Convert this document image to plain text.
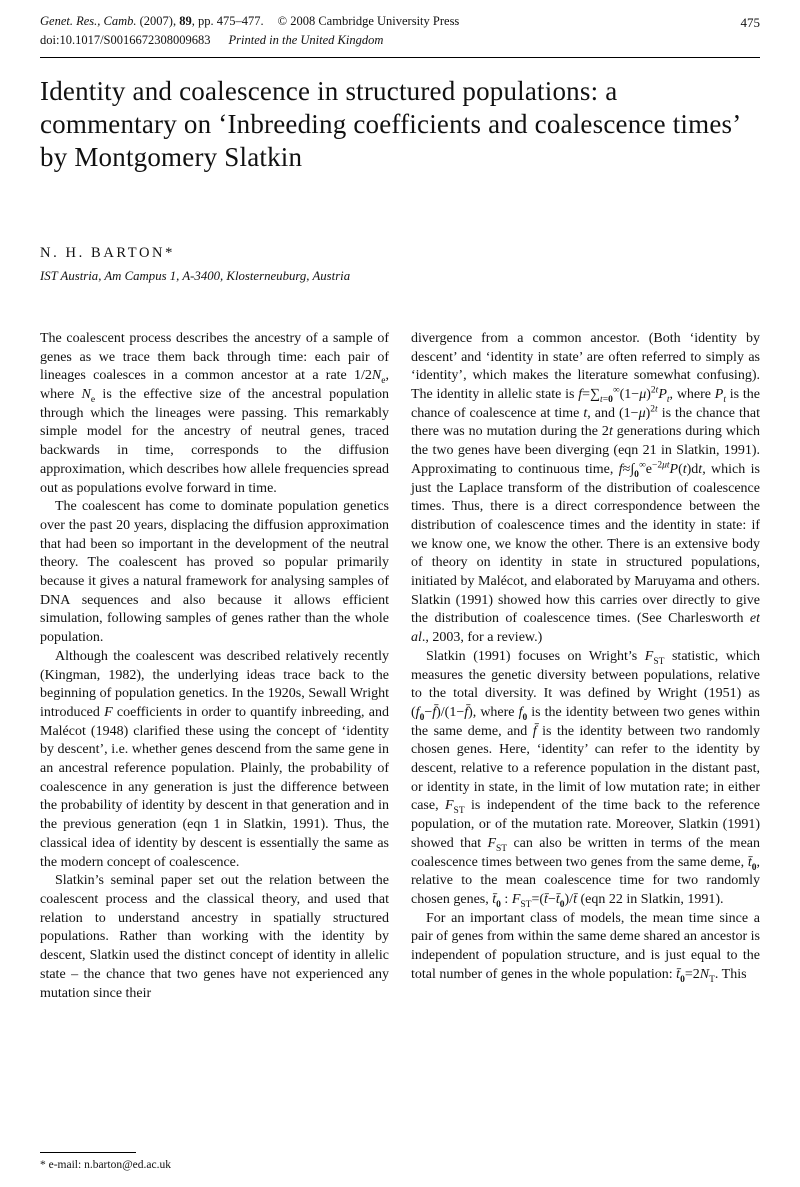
Genet. Res., Camb. (2007), 89, pp. 475–477. © 2008 Cambridge University Press
doi:10.1017/S0016672308009683 Printed in the United Kingdom
475
Identity and coalescence in structured populations: a commentary on ‘Inbreeding coefficients and coalescence times’ by Montgomery Slatkin
N. H. BARTON*
IST Austria, Am Campus 1, A-3400, Klosterneuburg, Austria

The coalescent process describes the ancestry of a sample of genes as we trace them back through time: each pair of lineages coalesces in a common ancestor at a rate $1/2N_e$, where $N_e$ is the effective size of the ancestral population through which the lineages were passing. This remarkably simple model for the ancestry of neutral genes, traced backwards in time, corresponds to the diffusion approximation, which describes how allele frequencies spread out as populations evolve forward in time.

The coalescent has come to dominate population genetics over the past 20 years, displacing the diffusion approximation that had been so important in the development of the neutral theory. The coalescent has proved so popular primarily because it gives a natural framework for analysing samples of DNA sequences and also because it allows efficient simulation, following samples of genes rather than the whole population.

Although the coalescent was described relatively recently (Kingman, 1982), the underlying ideas trace back to the beginning of population genetics. In the 1920s, Sewall Wright introduced F coefficients in order to quantify inbreeding, and Malécot (1948) clarified these using the concept of ‘identity by descent’, i.e. whether genes descend from the same gene in an ancestral reference population. Plainly, the probability of coalescence in any generation is just the difference between the probability of identity by descent in that generation and in the previous generation (eqn 1 in Slatkin, 1991). Thus, the classical idea of identity by descent is essentially the same as the modern concept of coalescence.

Slatkin’s seminal paper set out the relation between the coalescent process and the classical theory, and used that relation to understand ancestry in spatially structured populations. Rather than working with the identity by descent, Slatkin used the distinct concept of identity in allelic state – the chance that two genes have not experienced any mutation since their

* e-mail: n.barton@ed.ac.uk

divergence from a common ancestor. (Both ‘identity by descent’ and ‘identity in state’ are often referred to simply as ‘identity’, which makes the literature somewhat confusing). The identity in allelic state is $f=\sum_{t=0}^\infty(1-\mu)^{2t}P_t$, where $P_t$ is the chance of coalescence at time t, and $(1-\mu)^{2t}$ is the chance that there was no mutation during the 2t generations during which the two genes have been diverging (eqn 21 in Slatkin, 1991). Approximating to continuous time, $f\approx\int_0^\infty e^{-2\mu t}P(t)dt$, which is just the Laplace transform of the distribution of coalescence times. Thus, there is a direct correspondence between the distribution of coalescence times and the identity in state: if we know one, we know the other. There is an extensive body of theory on identity in state in structured populations, initiated by Malécot, and elaborated by Maruyama and others. Slatkin (1991) showed how this carries over directly to give the distribution of coalescence times. (See Charlesworth et al., 2003, for a review.)

Slatkin (1991) focuses on Wright’s $F_{ST}$ statistic, which measures the genetic diversity between populations, relative to the total diversity. It was defined by Wright (1951) as $(f_0-f̄)/(1-f̄)$, where $f_0$ is the identity between two genes within the same deme, and f̄ is the identity between two randomly chosen genes. Here, ‘identity’ can refer to the identity by descent, relative to a reference population in the distant past, or identity in state, in the limit of low mutation rate; in either case, $F_{ST}$ is independent of the time back to the reference population, or of the mutation rate. Moreover, Slatkin (1991) showed that $F_{ST}$ can also be written in terms of the mean coalescence times between two genes from the same deme, $t̄_0$, relative to the mean coalescence time for two randomly chosen genes, $t̄_0$ : $F_{ST}=(t̄-t̄_0)/t̄$ (eqn 22 in Slatkin, 1991).

For an important class of models, the mean time since a pair of genes from within the same deme shared an ancestor is independent of population structure, and is just equal to the total number of genes in the whole population: $t̄_0=2N_T$. This
